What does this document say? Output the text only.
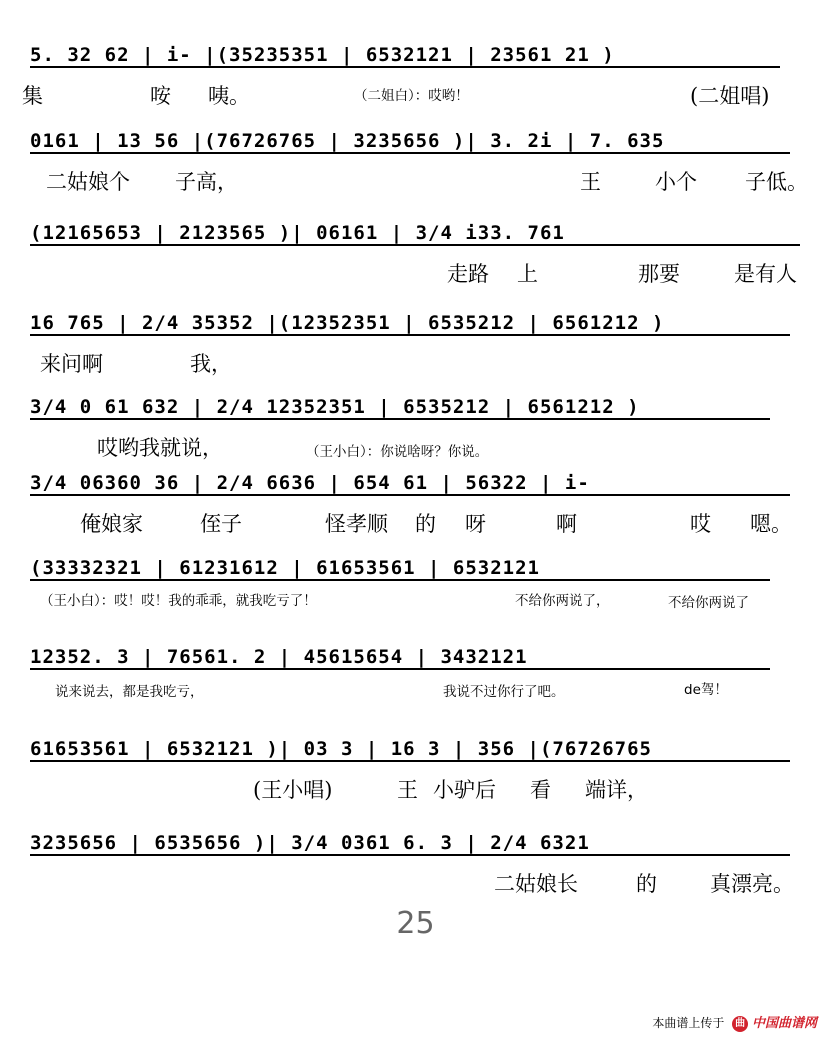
5. 32 62 | i- |(35235351 | 6532121 | 23561 21 )
集	咹 咦。	(二姐唱)
（二姐白）：哎哟！
0161 | 13 56 |(76726765 | 3235656 )| 3. 2i | 7. 635
二姑娘个 子高，	王	小个 子低。
(12165653 | 2123565 )| 06161 | 3/4 i33. 761
走路 上	那要	是有人
16 765 | 2/4 35352 |(12352351 | 6535212 | 6561212 )
来问啊	我，
3/4 0 61 632 | 2/4 12352351 | 6535212 | 6561212 )
哎哟我就说，	（王小白）：你说啥呀？你说。
3/4 06360 36 | 2/4 6636 | 654 61 | 56322 | i-
俺娘家	侄子	怪孝顺 的 呀	啊	哎 嗯。
(33332321 | 61231612 | 61653561 | 6532121
（王小白）：哎！哎！我的乖乖，就我吃亏了！	不给你两说了，	不给你两说了
12352. 3 | 76561. 2 | 45615654 | 3432121
说来说去，都是我吃亏，	我说不过你行了吧。	de驾！
61653561 | 6532121 )| 03 3 | 16 3 | 356 |(76726765
(王小唱)	王 小驴后 看 端详，
3235656 | 6535656 )| 3/4 0361 6. 3 | 2/4 6321
二姑娘长	的	真漂亮。
25
本曲谱上传于 曲 中国曲谱网
